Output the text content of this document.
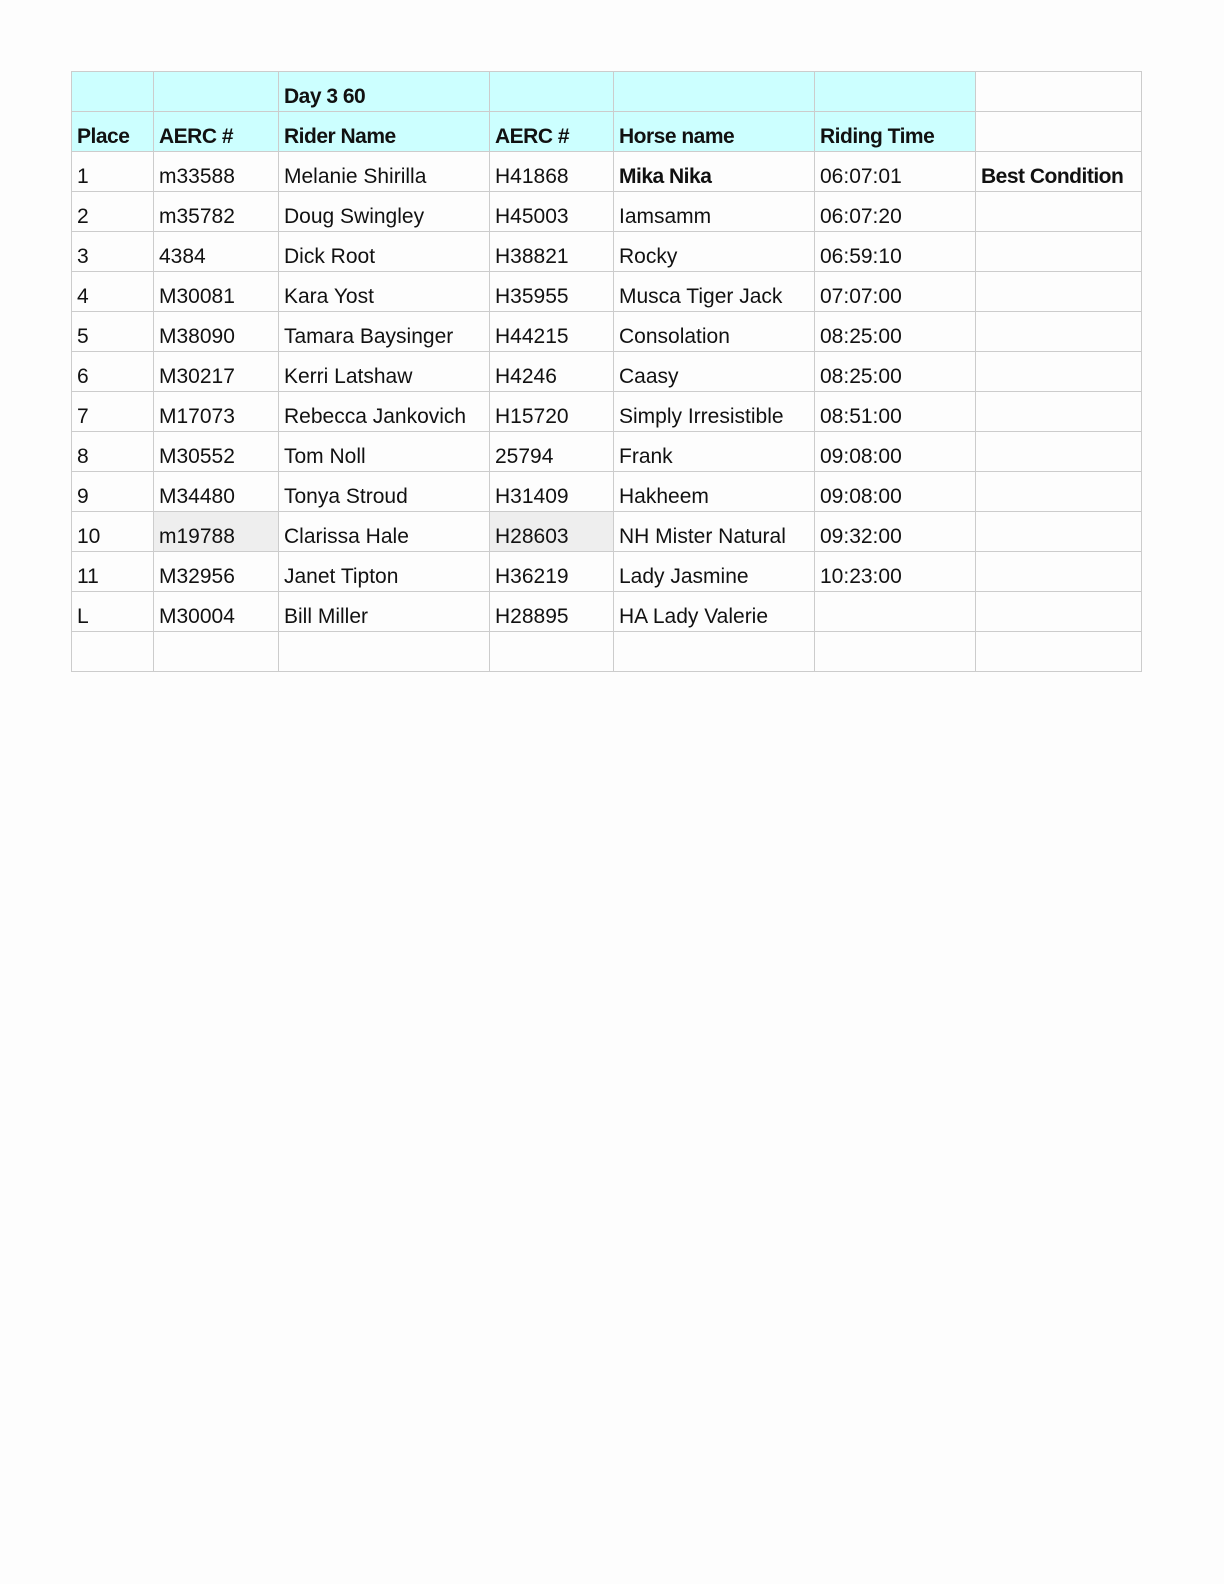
		Day 3 60				
Place	AERC #	Rider Name	AERC #	Horse name	Riding Time	
1	m33588	Melanie Shirilla	H41868	Mika Nika	06:07:01	Best Condition
2	m35782	Doug Swingley	H45003	Iamsamm	06:07:20	
3	4384	Dick Root	H38821	Rocky	06:59:10	
4	M30081	Kara Yost	H35955	Musca Tiger Jack	07:07:00	
5	M38090	Tamara Baysinger	H44215	Consolation	08:25:00	
6	M30217	Kerri Latshaw	H4246	Caasy	08:25:00	
7	M17073	Rebecca Jankovich	H15720	Simply Irresistible	08:51:00	
8	M30552	Tom Noll	25794	Frank	09:08:00	
9	M34480	Tonya Stroud	H31409	Hakheem	09:08:00	
10	m19788	Clarissa Hale	H28603	NH Mister Natural	09:32:00	
11	M32956	Janet Tipton	H36219	Lady Jasmine	10:23:00	
L	M30004	Bill Miller	H28895	HA Lady Valerie		
